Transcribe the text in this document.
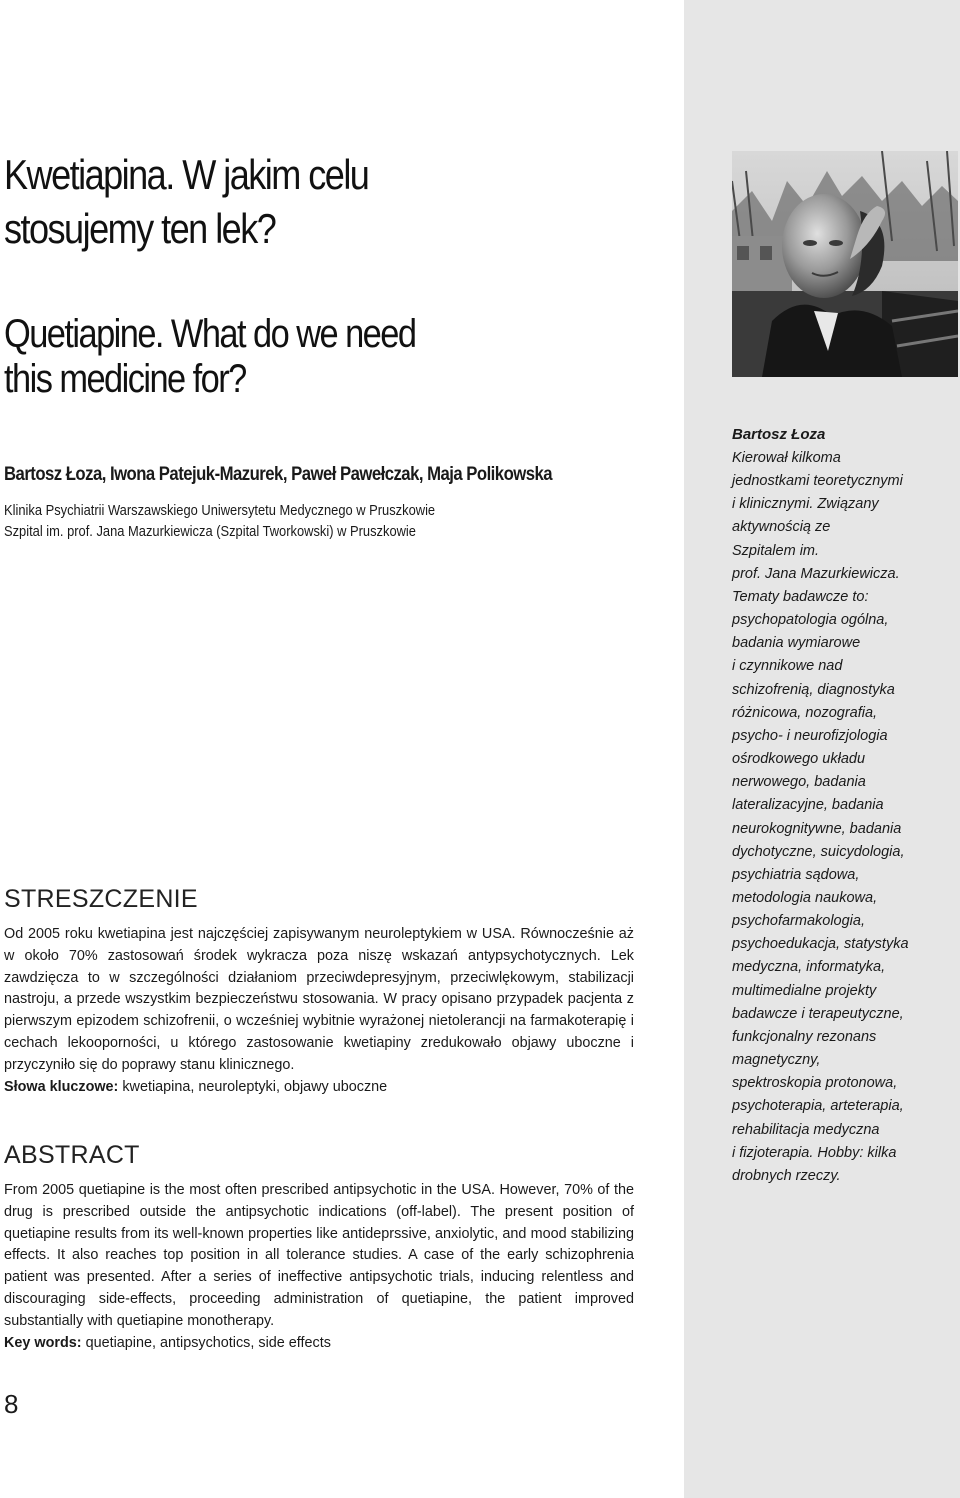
Kwetiapina. W jakim celu
stosujemy ten lek?
Quetiapine. What do we need
this medicine for?
Bartosz Łoza, Iwona Patejuk-Mazurek, Paweł Pawełczak, Maja Polikowska
Klinika Psychiatrii Warszawskiego Uniwersytetu Medycznego w Pruszkowie
Szpital im. prof. Jana Mazurkiewicza (Szpital Tworkowski) w Pruszkowie
STRESZCZENIE

Od 2005 roku kwetiapina jest najczęściej zapisywanym neuroleptykiem w USA. Równocześnie aż w około 70% zastosowań środek wykracza poza niszę wskazań antypsychotycznych. Lek zawdzięcza to w szczególności działaniom przeciwdepresyjnym, przeciwlękowym, stabilizacji nastroju, a przede wszystkim bezpieczeństwu stosowania. W pracy opisano przypadek pacjenta z pierwszym epizodem schizofrenii, o wcześniej wybitnie wyrażonej nietolerancji na farmakoterapię i cechach lekooporności, u którego zastosowanie kwetiapiny zredukowało objawy uboczne i przyczyniło się do poprawy stanu klinicznego.

Słowa kluczowe: kwetiapina, neuroleptyki, objawy uboczne

ABSTRACT

From 2005 quetiapine is the most often prescribed antipsychotic in the USA. However, 70% of the drug is prescribed outside the antipsychotic indications (off-label). The present position of quetiapine results from its well-known properties like antideprssive, anxiolytic, and mood stabilizing effects. It also reaches top position in all tolerance studies. A case of the early schizophrenia patient was presented. After a series of ineffective antipsychotic trials, inducing relentless and discouraging side-effects, proceeding administration of quetiapine, the patient improved substantially with quetiapine monotherapy.

Key words: quetiapine, antipsychotics, side effects

8
Bartosz Łoza
Kierował kilkoma
jednostkami teoretycznymi
i klinicznymi. Związany
aktywnością ze
Szpitalem im.
prof. Jana Mazurkiewicza.
Tematy badawcze to:
psychopatologia ogólna,
badania wymiarowe
i czynnikowe nad
schizofrenią, diagnostyka
różnicowa, nozografia,
psycho- i neurofizjologia
ośrodkowego układu
nerwowego, badania
lateralizacyjne, badania
neurokognitywne, badania
dychotyczne, suicydologia,
psychiatria sądowa,
metodologia naukowa,
psychofarmakologia,
psychoedukacja, statystyka
medyczna, informatyka,
multimedialne projekty
badawcze i terapeutyczne,
funkcjonalny rezonans
magnetyczny,
spektroskopia protonowa,
psychoterapia, arteterapia,
rehabilitacja medyczna
i fizjoterapia. Hobby: kilka
drobnych rzeczy.
